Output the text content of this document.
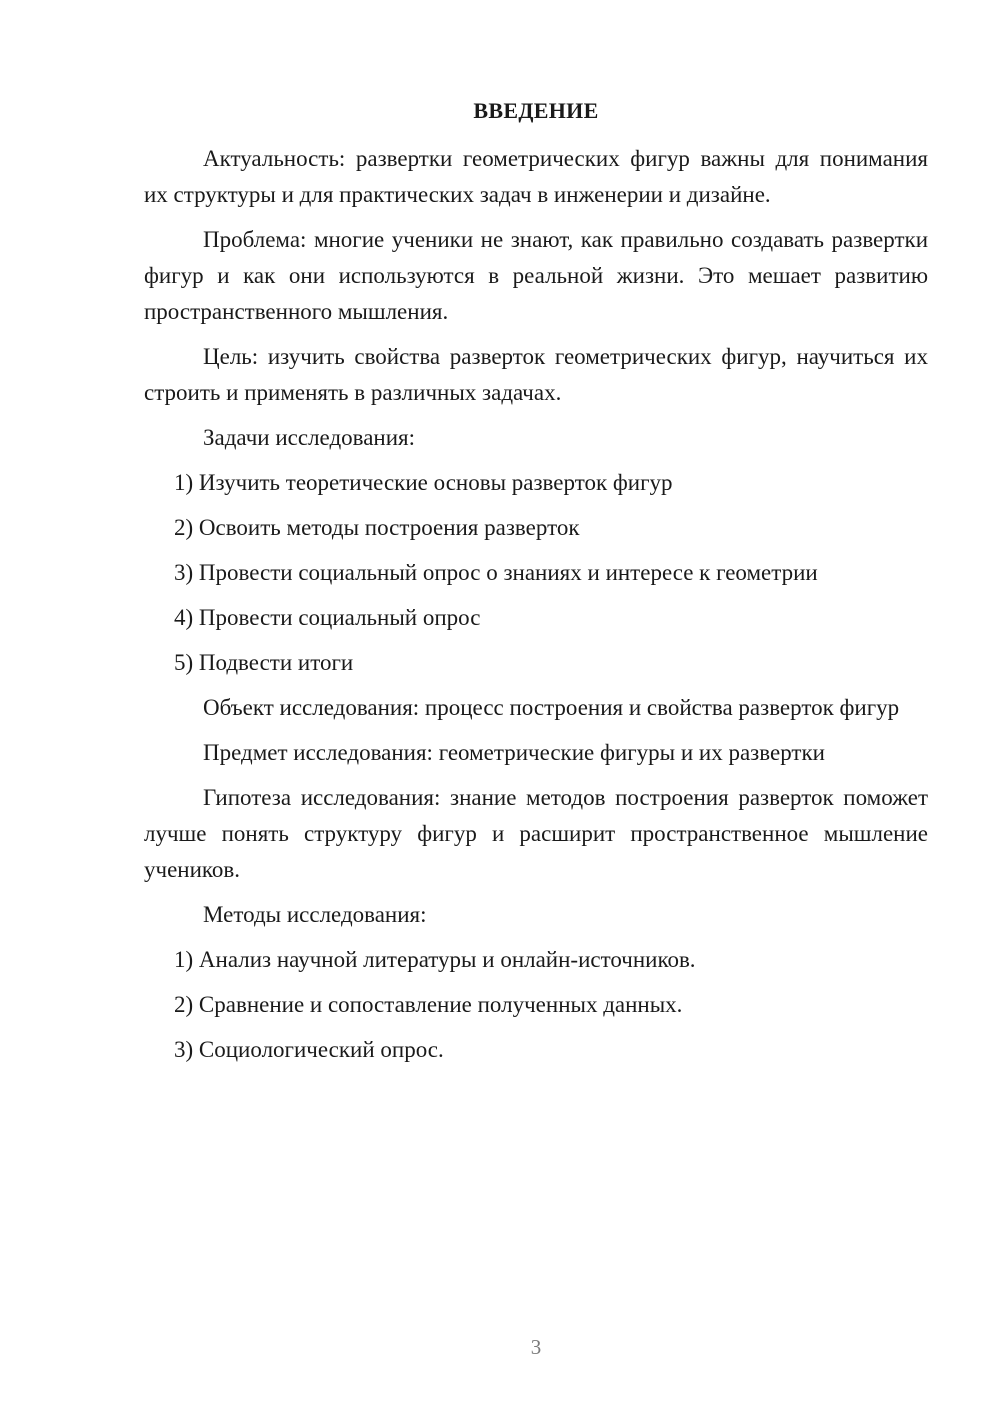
ВВЕДЕНИЕ

Актуальность: развертки геометрических фигур важны для понимания их структуры и для практических задач в инженерии и дизайне.

Проблема: многие ученики не знают, как правильно создавать развертки фигур и как они используются в реальной жизни. Это мешает развитию пространственного мышления.

Цель: изучить свойства разверток геометрических фигур, научиться их строить и применять в различных задачах.

Задачи исследования:

1) Изучить теоретические основы разверток фигур

2) Освоить методы построения разверток

3) Провести социальный опрос о знаниях и интересе к геометрии

4) Провести социальный опрос

5) Подвести итоги

Объект исследования: процесс построения и свойства разверток фигур

Предмет исследования: геометрические фигуры и их развертки

Гипотеза исследования: знание методов построения разверток поможет лучше понять структуру фигур и расширит пространственное мышление учеников.

Методы исследования:

1) Анализ научной литературы и онлайн-источников.

2) Сравнение и сопоставление полученных данных.

3) Социологический опрос.

3
